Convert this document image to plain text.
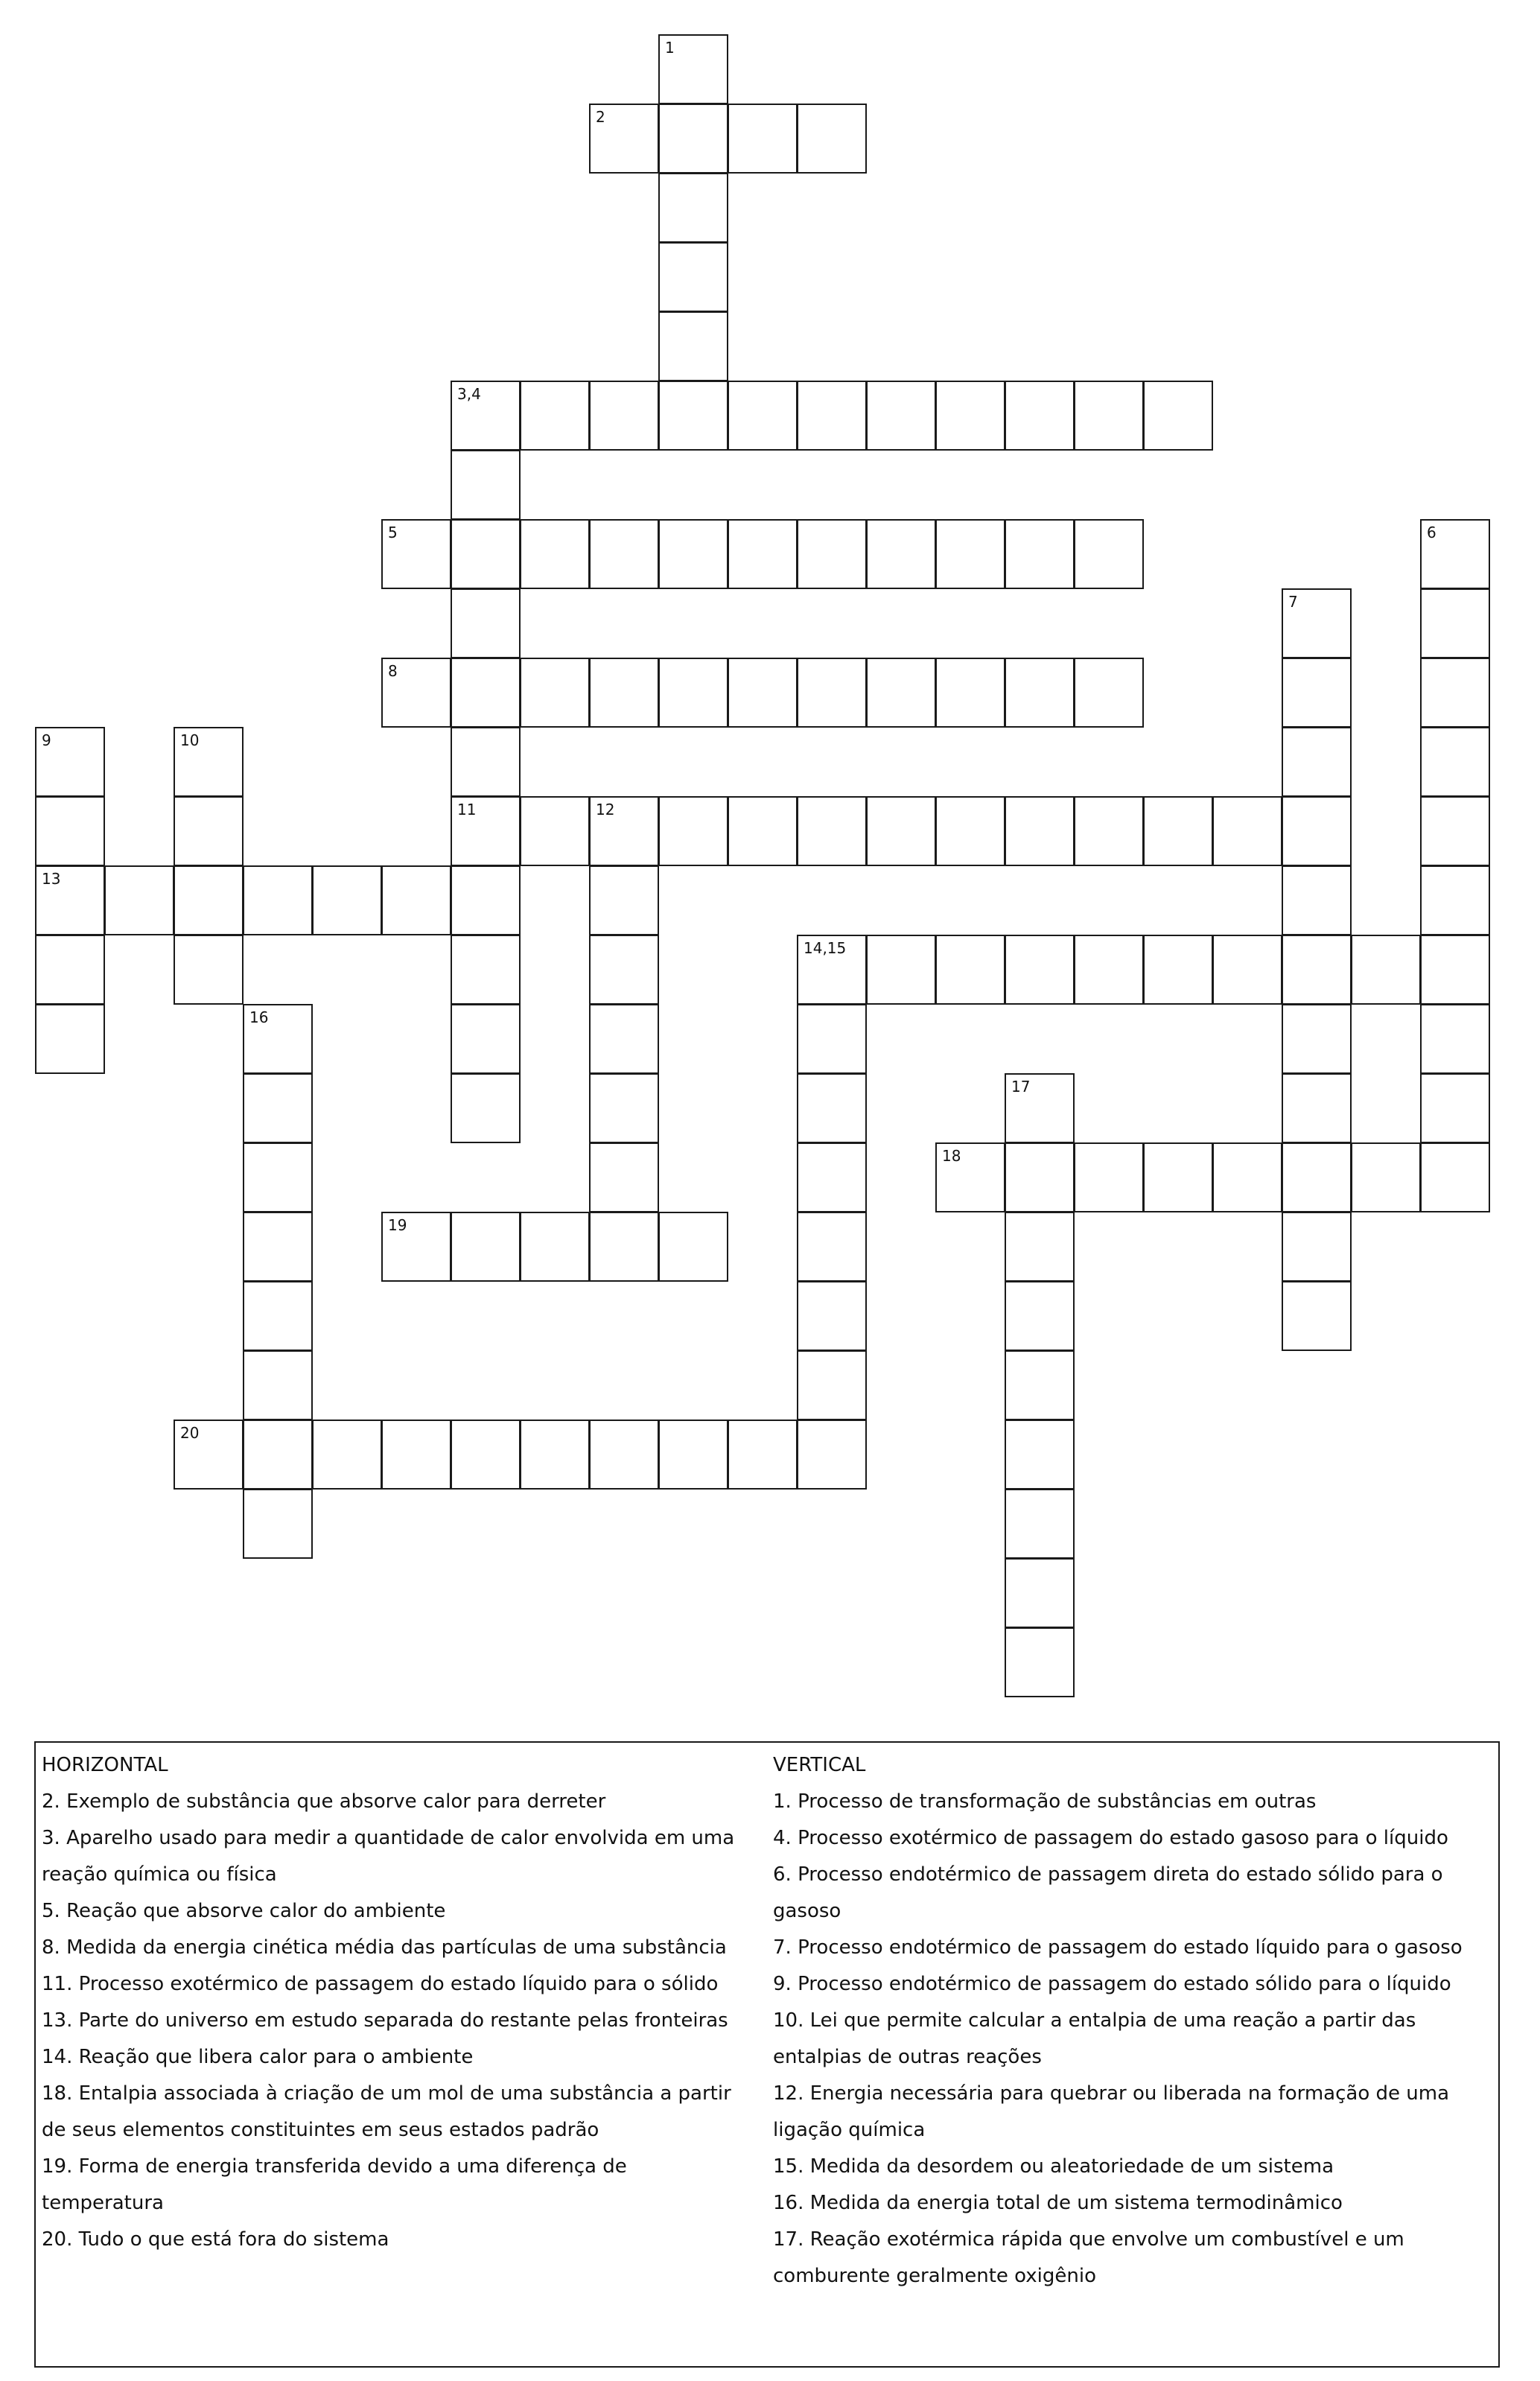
1
2
3,4
11
5	6
7
8
9
13
10
12
14,15
16
17
18
19
20

HORIZONTAL

2. Exemplo de substância que absorve calor para derreter

3. Aparelho usado para medir a quantidade de calor envolvida em uma

reação química ou física

5. Reação que absorve calor do ambiente

8. Medida da energia cinética média das partículas de uma substância

11. Processo exotérmico de passagem do estado líquido para o sólido

13. Parte do universo em estudo separada do restante pelas fronteiras

14. Reação que libera calor para o ambiente

18. Entalpia associada à criação de um mol de uma substância a partir

de seus elementos constituintes em seus estados padrão

19. Forma de energia transferida devido a uma diferença de

temperatura

20. Tudo o que está fora do sistema

VERTICAL

1. Processo de transformação de substâncias em outras

4. Processo exotérmico de passagem do estado gasoso para o líquido

6. Processo endotérmico de passagem direta do estado sólido para o

gasoso

7. Processo endotérmico de passagem do estado líquido para o gasoso

9. Processo endotérmico de passagem do estado sólido para o líquido

10. Lei que permite calcular a entalpia de uma reação a partir das

entalpias de outras reações

12. Energia necessária para quebrar ou liberada na formação de uma

ligação química

15. Medida da desordem ou aleatoriedade de um sistema

16. Medida da energia total de um sistema termodinâmico

17. Reação exotérmica rápida que envolve um combustível e um

comburente geralmente oxigênio
